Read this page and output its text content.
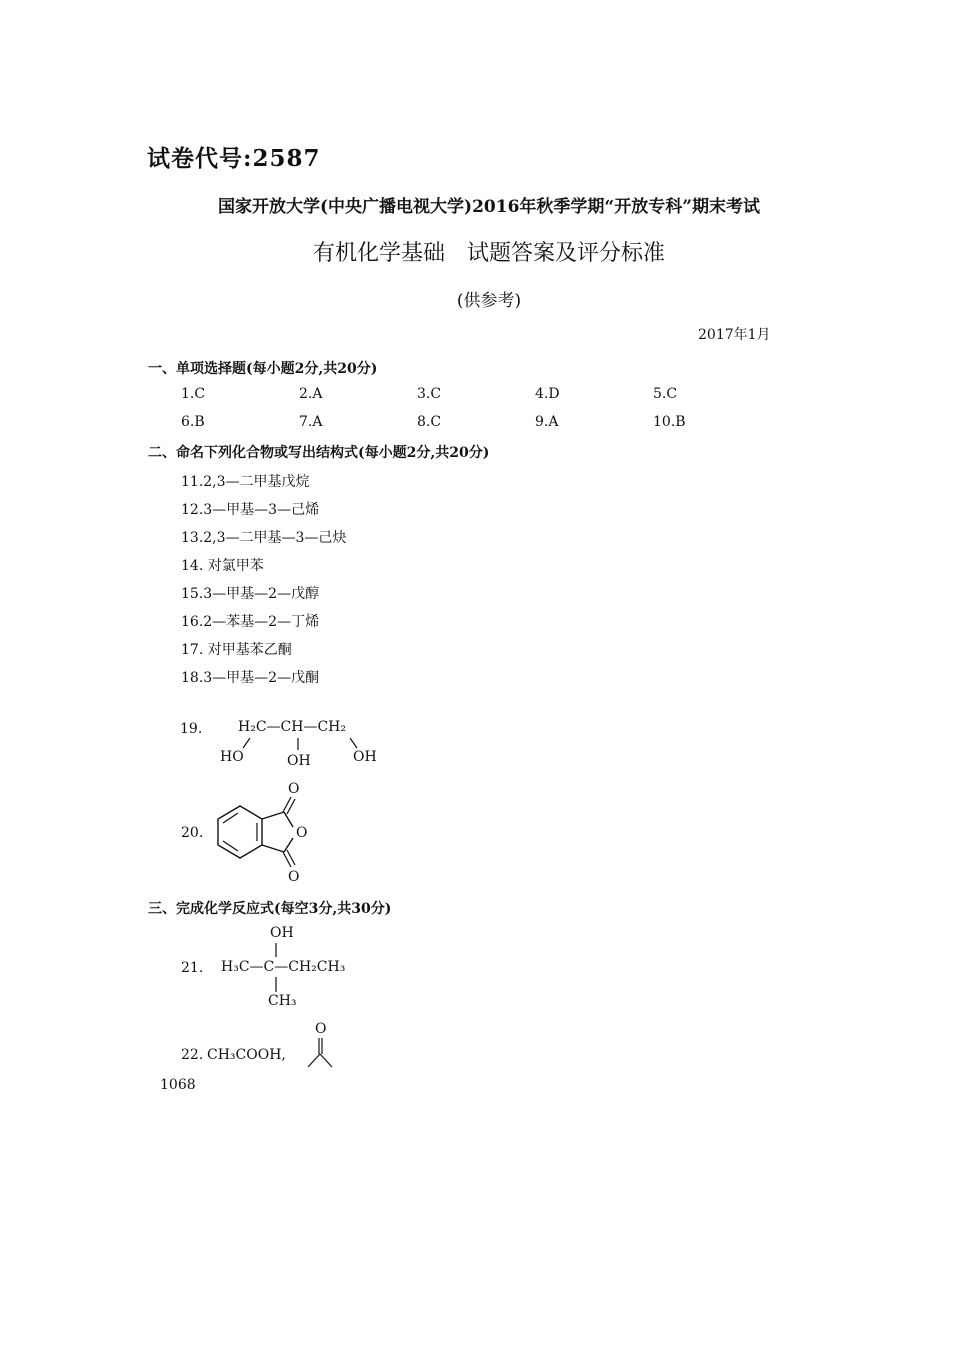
试卷代号:2587
国家开放大学(中央广播电视大学)2016年秋季学期“开放专科”期末考试
有机化学基础　试题答案及评分标准
(供参考)
2017年1月
一、单项选择题(每小题2分,共20分)
1.C	2.A	3.C	4.D	5.C
6.B	7.A	8.C	9.A	10.B
二、命名下列化合物或写出结构式(每小题2分,共20分)
11.2,3—二甲基戊烷
12.3—甲基—3—己烯
13.2,3—二甲基—3—己炔
14. 对氯甲苯
15.3—甲基—2—戊醇
16.2—苯基—2—丁烯
17. 对甲基苯乙酮
18.3—甲基—2—戊酮
19.	H₂C—CH—CH₂
HO	OH	OH
20.
O
O
O
三、完成化学反应式(每空3分,共30分)
OH
21. H₃C—C—CH₂CH₃
CH₃
22. CH₃COOH,
O
1068
